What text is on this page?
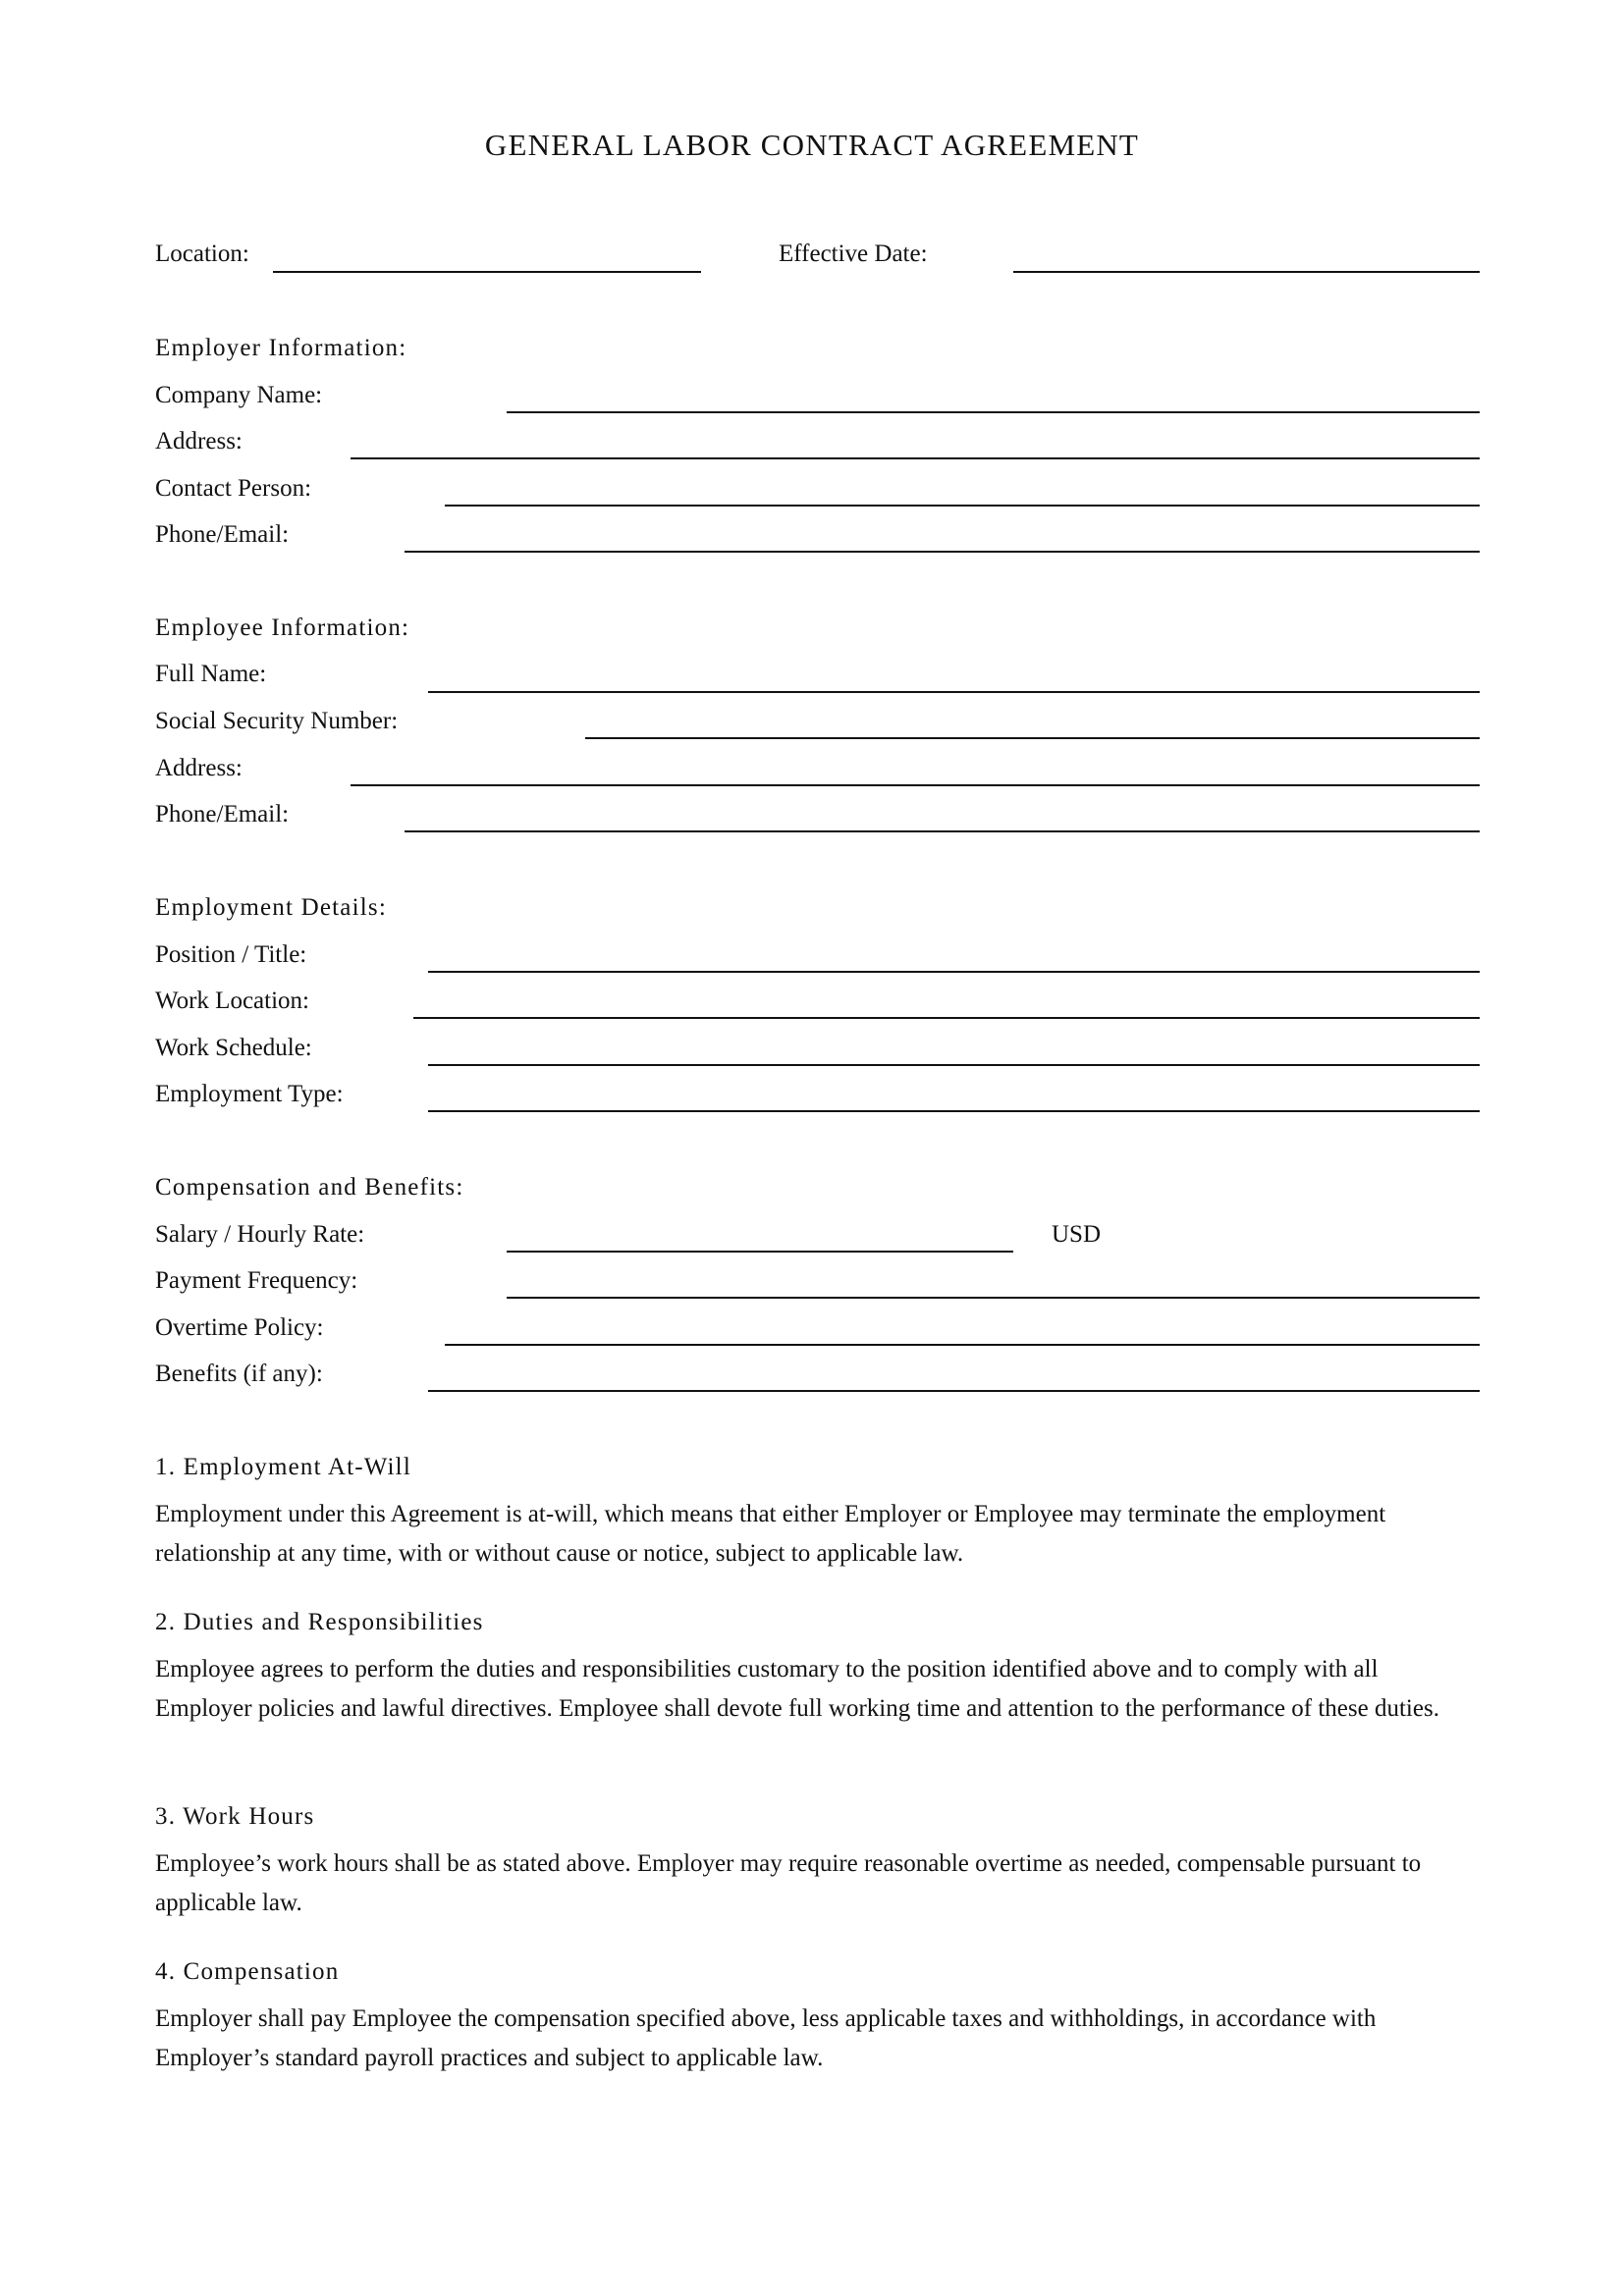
GENERAL LABOR CONTRACT AGREEMENT
Location:	Effective Date:
Employer Information:
Company Name:
Address:
Contact Person:
Phone/Email:
Employee Information:
Full Name:
Social Security Number:
Address:
Phone/Email:
Employment Details:
Position / Title:
Work Location:
Work Schedule:
Employment Type:
Compensation and Benefits:
Salary / Hourly Rate:	USD
Payment Frequency:
Overtime Policy:
Benefits (if any):
1. Employment At-Will
Employment under this Agreement is at-will, which means that either Employer or Employee may terminate the employment relationship at any time, with or without cause or notice, subject to applicable law.
2. Duties and Responsibilities
Employee agrees to perform the duties and responsibilities customary to the position identified above and to comply with all Employer policies and lawful directives. Employee shall devote full working time and attention to the performance of these duties.
3. Work Hours
Employee’s work hours shall be as stated above. Employer may require reasonable overtime as needed, compensable pursuant to applicable law.
4. Compensation
Employer shall pay Employee the compensation specified above, less applicable taxes and withholdings, in accordance with Employer’s standard payroll practices and subject to applicable law.
